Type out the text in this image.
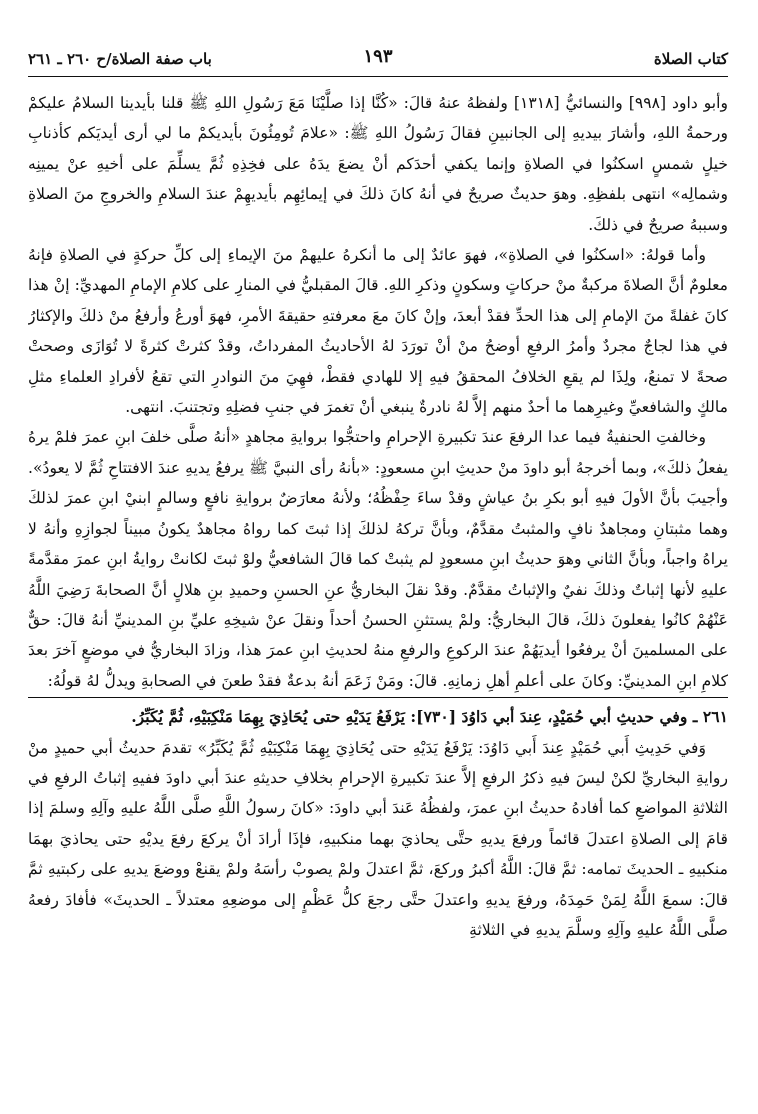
كتاب الصلاة
١٩٣
باب صفة الصلاة/ح ٢٦٠ ـ ٢٦١

وأبو داود [٩٩٨] والنسائيُّ [١٣١٨] ولفظهُ عنهُ قالَ: «كُنَّا إذا صلَّيْنَا مَعَ رَسُولِ اللهِ ﷺ قلنا بأيدينا السلامُ عليكمْ ورحمةُ اللهِ، وأشارَ بيديهِ إلى الجانبينِ فقالَ رَسُولُ اللهِ ﷺ: «علامَ تُومِئُونَ بأيديكمْ ما لي أرى أيديَكم كأذنابِ خيلٍ شمسٍ اسكنُوا في الصلاةِ وإنما يكفي أحدَكم أنْ يضعَ يدَهُ على فخِذِهِ ثُمَّ يسلِّمَ على أخيهِ عنْ يمينِه وشمالِه» انتهى بلفظِهِ. وهوَ حديثٌ صريحٌ في أنهُ كانَ ذلكَ في إيمائِهِم بأيديهِمْ عندَ السلامِ والخروجِ منَ الصلاةِ وسببهُ صريحٌ في ذلكَ.

وأما قولهُ: «اسكنُوا في الصلاةِ»، فهوَ عائدٌ إلى ما أنكرهُ عليهمْ منَ الإيماءِ إلى كلِّ حركةٍ في الصلاةِ فإنهُ معلومٌ أنَّ الصلاةَ مركبةٌ منْ حركاتٍ وسكونٍ وذكرِ اللهِ. قالَ المقبليُّ في المنارِ على كلامِ الإمامِ المهديِّ: إنْ هذا كانَ غفلةً منَ الإمامِ إلى هذا الحدِّ فقدْ أبعدَ، وإنْ كانَ معَ معرفتهِ حقيقةَ الأمرِ، فهوَ أورعُ وأرفعُ منْ ذلكَ والإكثارُ في هذا لجاجٌ مجردٌ وأمرُ الرفعِ أوضحُ منْ أنْ تورَدَ لهُ الأحاديثُ المفرداتُ، وقدْ كثرتْ كثرةً لا تُوَازَى وصحتْ صحةً لا تمنعُ، ولِذَا لم يقعِ الخلافُ المحققُ فيهِ إلا للهادي فقطْ، فهِيَ منَ النوادرِ التي تقعُ لأفرادِ العلماءِ مثلِ مالكٍ والشافعيِّ وغيرِهما ما أحدٌ منهم إلاَّ لهُ نادرةٌ ينبغي أنْ تغمرَ في جنبِ فضلِهِ وتجتنبَ. انتهى.

وخالفتِ الحنفيةُ فيما عدا الرفعَ عندَ تكبيرةِ الإحرامِ واحتجُّوا بروايةِ مجاهدٍ «أنهُ صلَّى خلفَ ابنِ عمرَ فلمْ يرهُ يفعلُ ذلكَ»، وبما أخرجهُ أبو داودَ منْ حديثِ ابنِ مسعودٍ: «بأنهُ رأى النبيَّ ﷺ يرفعُ يديهِ عندَ الافتتاحِ ثُمَّ لا يعودُ». وأجيبَ بأنَّ الأولَ فيهِ أبو بكرِ بنُ عياشٍ وقدْ ساءَ حِفْظُهُ؛ ولأنهُ معارَضٌ بروايةِ نافعٍ وسالمٍ ابنيْ ابنِ عمرَ لذلكَ وهما مثبتانِ ومجاهدٌ نافٍ والمثبتُ مقدَّمٌ، وبأنَّ تركهُ لذلكَ إذا ثبتَ كما رواهُ مجاهدٌ يكونُ مبيناً لجوازِهِ وأنهُ لا يراهُ واجباً، وبأنَّ الثاني وهوَ حديثُ ابنِ مسعودٍ لم يثبتْ كما قالَ الشافعيُّ ولوْ ثبتَ لكانتْ روايةُ ابنِ عمرَ مقدَّمةً عليهِ لأنها إثباتٌ وذلكَ نفيٌ والإثباتُ مقدَّمٌ. وقدْ نقلَ البخاريُّ عنِ الحسنِ وحميدِ بنِ هلالٍ أنَّ الصحابةَ رَضِيَ اللَّهُ عَنْهُمْ كانُوا يفعلونَ ذلكَ، قالَ البخاريُّ: ولمْ يستثنِ الحسنُ أحداً ونقلَ عنْ شيخِهِ عليِّ بنِ المدينيِّ أنهُ قالَ: حقٌّ على المسلمينَ أنْ يرفعُوا أيديَهُمْ عندَ الركوعِ والرفعِ منهُ لحديثِ ابنِ عمرَ هذا، وزادَ البخاريُّ في موضعٍ آخرَ بعدَ كلامِ ابنِ المدينيِّ: وكانَ على أعلمِ أهلِ زمانِهِ. قالَ: ومَنْ زَعَمَ أنهُ بدعةٌ فقدْ طعنَ في الصحابةِ ويدلُّ لهُ قولُهُ:

٢٦١ ـ وفي حديثِ أبي حُمَيْدٍ، عِندَ أبي دَاوُدَ [٧٣٠]: يَرْفَعُ يَدَيْهِ حتى يُحَاذِيَ بِهِمَا مَنْكِبَيْهِ، ثُمَّ يُكَبِّرُ.

وَفي حَدِيثِ أَبي حُمَيْدٍ عِندَ أَبي دَاوُدَ: يَرْفَعُ يَدَيْهِ حتى يُحَاذِيَ بِهِمَا مَنْكِبَيْهِ ثُمَّ يُكَبِّرُ» تقدمَ حديثُ أبي حميدٍ منْ روايةِ البخاريِّ لكنْ ليسَ فيهِ ذكرُ الرفعِ إلاَّ عندَ تكبيرةِ الإحرامِ بخلافِ حديثهِ عندَ أبي داودَ ففيهِ إثباتُ الرفعِ في الثلاثةِ المواضعِ كما أفادهُ حديثُ ابنِ عمرَ، ولفظُهُ عَندَ أبي داودَ: «كانَ رسولُ اللَّهِ صلَّى اللَّهُ عليهِ وآلِهِ وسلمَ إذا قامَ إلى الصلاةِ اعتدلَ قائماً ورفعَ يديهِ حتَّى يحاذيَ بهما منكبيهِ، فإذَا أرادَ أنْ يركعَ رفعَ يديْهِ حتى يحاذيَ بهمَا منكبيهِ ـ الحديثَ تمامه: ثمَّ قالَ: اللَّهُ أكبرُ وركعَ، ثمَّ اعتدلَ ولمْ يصوبْ رأسَهُ ولمْ يقنعْ ووضعَ يديهِ على ركبتيهِ ثمَّ قالَ: سمعَ اللَّهُ لِمَنْ حَمِدَهُ، ورفعَ يديهِ واعتدلَ حتَّى رجعَ كلُّ عَظْمٍ إلى موضعِهِ معتدلاً ـ الحديثَ» فأفادَ رفعهُ صلَّى اللَّهُ عليهِ وآلِهِ وسلَّمَ يديهِ في الثلاثةِ
